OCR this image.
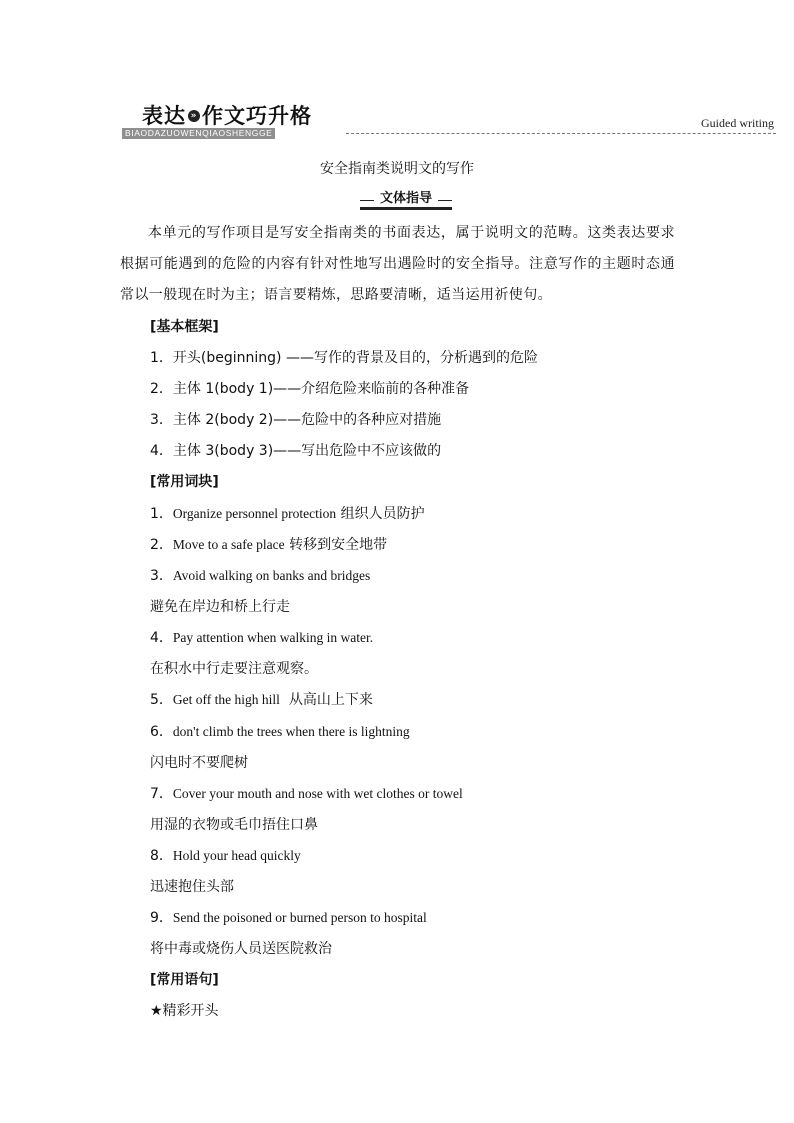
表达 » 作文巧升格
BIAODAZUOWENQIAOSHENGGE
Guided writing
安全指南类说明文的写作
文体指导
本单元的写作项目是写安全指南类的书面表达，属于说明文的范畴。这类表达要求根据可能遇到的危险的内容有针对性地写出遇险时的安全指导。注意写作的主题时态通常以一般现在时为主；语言要精炼，思路要清晰，适当运用祈使句。
[基本框架]
1．开头(beginning) ——写作的背景及目的，分析遇到的危险
2．主体 1(body 1)——介绍危险来临前的各种准备
3．主体 2(body 2)——危险中的各种应对措施
4．主体 3(body 3)——写出危险中不应该做的
[常用词块]
1．Organize personnel protection 组织人员防护
2．Move to a safe place 转移到安全地带
3．Avoid walking on banks and bridges
避免在岸边和桥上行走
4．Pay attention when walking in water.
在积水中行走要注意观察。
5．Get off the high hill  从高山上下来
6．don't climb the trees when there is lightning
闪电时不要爬树
7．Cover your mouth and nose with wet clothes or towel
用湿的衣物或毛巾捂住口鼻
8．Hold your head quickly
迅速抱住头部
9．Send the poisoned or burned person to hospital
将中毒或烧伤人员送医院救治
[常用语句]
★精彩开头
